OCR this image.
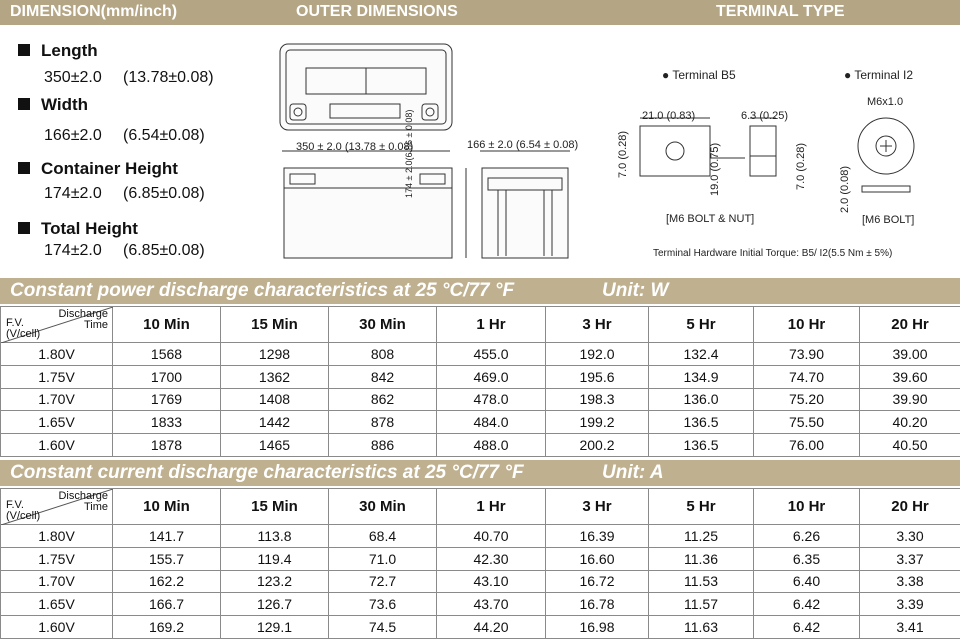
DIMENSION(mm/inch)	OUTER DIMENSIONS	TERMINAL TYPE
Length
350±2.0 (13.78±0.08)
Width
166±2.0 (6.54±0.08)
Container Height
174±2.0 (6.85±0.08)
Total Height
174±2.0 (6.85±0.08)
350 ± 2.0 (13.78 ± 0.08)	166 ± 2.0 (6.54 ± 0.08)
174 ± 2.0(6.86 ± 0.08)
● Terminal B5	● Terminal I2
21.0 (0.83)	6.3 (0.25)
7.0 (0.28)	19.0 (0.75)	7.0 (0.28)
[M6 BOLT & NUT]
M6x1.0
2.0 (0.08)
[M6 BOLT]
Terminal Hardware Initial Torque: B5/ I2(5.5 Nm ± 5%)
Constant power discharge characteristics at 25 °C/77 °F	Unit: W
Discharge
Time
F.V.
(V/cell)	10 Min	15 Min	30 Min	1 Hr	3 Hr	5 Hr	10 Hr	20 Hr
1.80V	1568	1298	808	455.0	192.0	132.4	73.90	39.00
1.75V	1700	1362	842	469.0	195.6	134.9	74.70	39.60
1.70V	1769	1408	862	478.0	198.3	136.0	75.20	39.90
1.65V	1833	1442	878	484.0	199.2	136.5	75.50	40.20
1.60V	1878	1465	886	488.0	200.2	136.5	76.00	40.50
Constant current discharge characteristics at 25 °C/77 °F	Unit: A
Discharge
Time
F.V.
(V/cell)	10 Min	15 Min	30 Min	1 Hr	3 Hr	5 Hr	10 Hr	20 Hr
1.80V	141.7	113.8	68.4	40.70	16.39	11.25	6.26	3.30
1.75V	155.7	119.4	71.0	42.30	16.60	11.36	6.35	3.37
1.70V	162.2	123.2	72.7	43.10	16.72	11.53	6.40	3.38
1.65V	166.7	126.7	73.6	43.70	16.78	11.57	6.42	3.39
1.60V	169.2	129.1	74.5	44.20	16.98	11.63	6.42	3.41
